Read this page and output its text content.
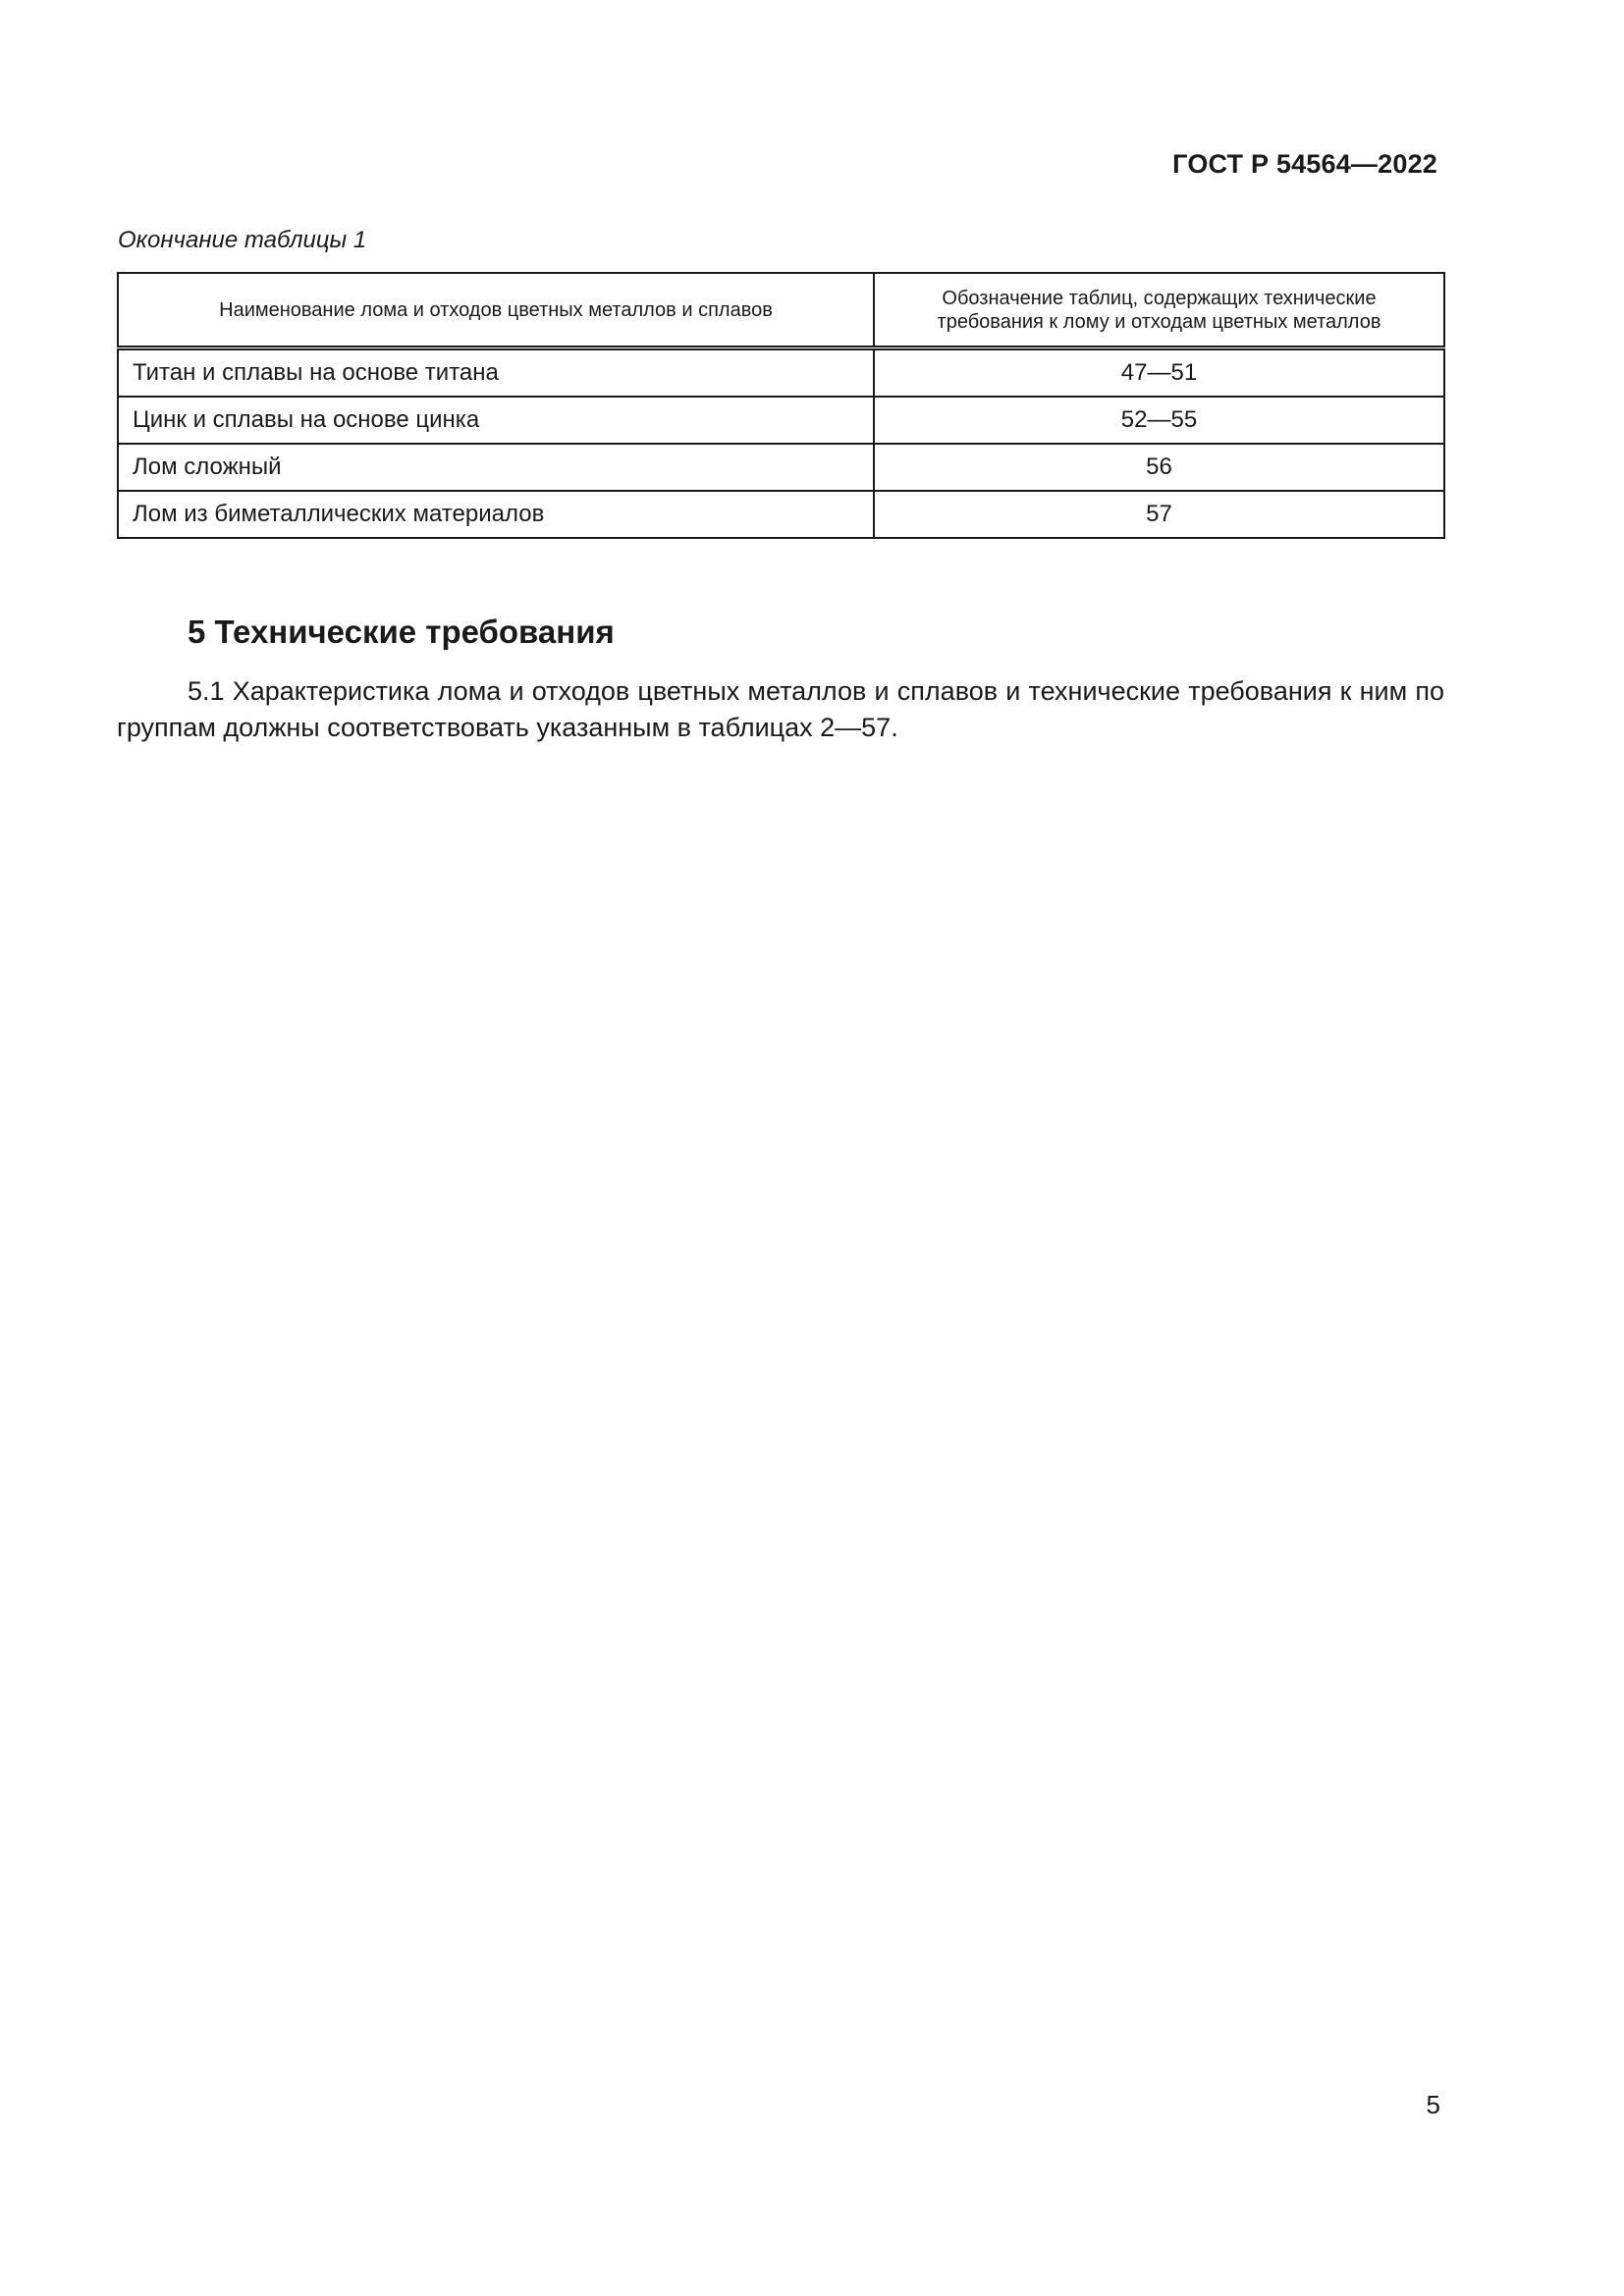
ГОСТ Р 54564—2022
Окончание таблицы 1
Наименование лома и отходов цветных металлов и сплавов	Обозначение таблиц, содержащих технические требования к лому и отходам цветных металлов
Титан и сплавы на основе титана	47—51
Цинк и сплавы на основе цинка	52—55
Лом сложный	56
Лом из биметаллических материалов	57
5 Технические требования
5.1 Характеристика лома и отходов цветных металлов и сплавов и технические требования к ним по группам должны соответствовать указанным в таблицах 2—57.
5
